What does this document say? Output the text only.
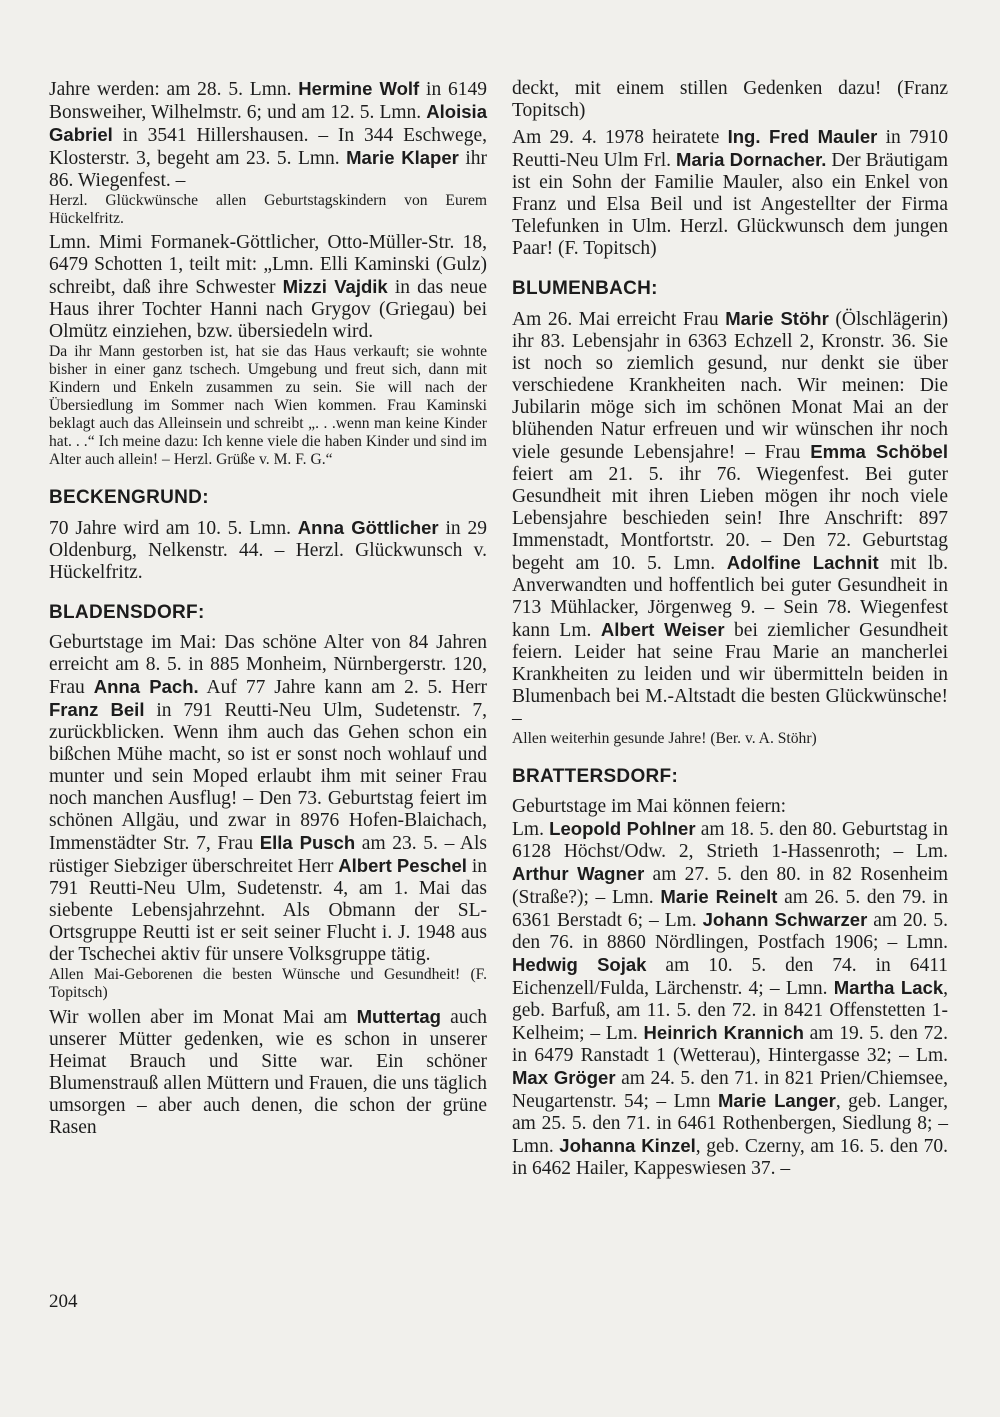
Jahre werden: am 28. 5. Lmn. Hermine Wolf in 6149 Bonsweiher, Wilhelmstr. 6; und am 12. 5. Lmn. Aloisia Gabriel in 3541 Hillershausen. – In 344 Eschwege, Klosterstr. 3, begeht am 23. 5. Lmn. Marie Klaper ihr 86. Wiegenfest. –

Herzl. Glückwünsche allen Geburtstagskindern von Eurem Hückelfritz.

Lmn. Mimi Formanek-Göttlicher, Otto-Müller-Str. 18, 6479 Schotten 1, teilt mit: „Lmn. Elli Kaminski (Gulz) schreibt, daß ihre Schwester Mizzi Vajdik in das neue Haus ihrer Tochter Hanni nach Grygov (Griegau) bei Olmütz einziehen, bzw. übersiedeln wird.

Da ihr Mann gestorben ist, hat sie das Haus verkauft; sie wohnte bisher in einer ganz tschech. Umgebung und freut sich, dann mit Kindern und Enkeln zusammen zu sein. Sie will nach der Übersiedlung im Sommer nach Wien kommen. Frau Kaminski beklagt auch das Alleinsein und schreibt „. . .wenn man keine Kinder hat. . .“ Ich meine dazu: Ich kenne viele die haben Kinder und sind im Alter auch allein! – Herzl. Grüße v. M. F. G.“

BECKENGRUND:

70 Jahre wird am 10. 5. Lmn. Anna Göttlicher in 29 Oldenburg, Nelkenstr. 44. – Herzl. Glückwunsch v. Hückelfritz.

BLADENSDORF:

Geburtstage im Mai: Das schöne Alter von 84 Jahren erreicht am 8. 5. in 885 Monheim, Nürnbergerstr. 120, Frau Anna Pach. Auf 77 Jahre kann am 2. 5. Herr Franz Beil in 791 Reutti-Neu Ulm, Sudetenstr. 7, zurückblicken. Wenn ihm auch das Gehen schon ein bißchen Mühe macht, so ist er sonst noch wohlauf und munter und sein Moped erlaubt ihm mit seiner Frau noch manchen Ausflug! – Den 73. Geburtstag feiert im schönen Allgäu, und zwar in 8976 Hofen-Blaichach, Immenstädter Str. 7, Frau Ella Pusch am 23. 5. – Als rüstiger Siebziger überschreitet Herr Albert Peschel in 791 Reutti-Neu Ulm, Sudetenstr. 4, am 1. Mai das siebente Lebensjahrzehnt. Als Obmann der SL-Ortsgruppe Reutti ist er seit seiner Flucht i. J. 1948 aus der Tschechei aktiv für unsere Volksgruppe tätig.

Allen Mai-Geborenen die besten Wünsche und Gesundheit! (F. Topitsch)

Wir wollen aber im Monat Mai am Muttertag auch unserer Mütter gedenken, wie es schon in unserer Heimat Brauch und Sitte war. Ein schöner Blumenstrauß allen Müttern und Frauen, die uns täglich umsorgen – aber auch denen, die schon der grüne Rasen

deckt, mit einem stillen Gedenken dazu! (Franz Topitsch)

Am 29. 4. 1978 heiratete Ing. Fred Mauler in 7910 Reutti-Neu Ulm Frl. Maria Dornacher. Der Bräutigam ist ein Sohn der Familie Mauler, also ein Enkel von Franz und Elsa Beil und ist Angestellter der Firma Telefunken in Ulm. Herzl. Glückwunsch dem jungen Paar! (F. Topitsch)

BLUMENBACH:

Am 26. Mai erreicht Frau Marie Stöhr (Ölschlägerin) ihr 83. Lebensjahr in 6363 Echzell 2, Kronstr. 36. Sie ist noch so ziemlich gesund, nur denkt sie über verschiedene Krankheiten nach. Wir meinen: Die Jubilarin möge sich im schönen Monat Mai an der blühenden Natur erfreuen und wir wünschen ihr noch viele gesunde Lebensjahre! – Frau Emma Schöbel feiert am 21. 5. ihr 76. Wiegenfest. Bei guter Gesundheit mit ihren Lieben mögen ihr noch viele Lebensjahre beschieden sein! Ihre Anschrift: 897 Immenstadt, Montfortstr. 20. – Den 72. Geburtstag begeht am 10. 5. Lmn. Adolfine Lachnit mit lb. Anverwandten und hoffentlich bei guter Gesundheit in 713 Mühlacker, Jörgenweg 9. – Sein 78. Wiegenfest kann Lm. Albert Weiser bei ziemlicher Gesundheit feiern. Leider hat seine Frau Marie an mancherlei Krankheiten zu leiden und wir übermitteln beiden in Blumenbach bei M.-Altstadt die besten Glückwünsche! –

Allen weiterhin gesunde Jahre! (Ber. v. A. Stöhr)

BRATTERSDORF:

Geburtstage im Mai können feiern:

Lm. Leopold Pohlner am 18. 5. den 80. Geburtstag in 6128 Höchst/Odw. 2, Strieth 1-Hassenroth; – Lm. Arthur Wagner am 27. 5. den 80. in 82 Rosenheim (Straße?); – Lmn. Marie Reinelt am 26. 5. den 79. in 6361 Berstadt 6; – Lm. Johann Schwarzer am 20. 5. den 76. in 8860 Nördlingen, Postfach 1906; – Lmn. Hedwig Sojak am 10. 5. den 74. in 6411 Eichenzell/Fulda, Lärchenstr. 4; – Lmn. Martha Lack, geb. Barfuß, am 11. 5. den 72. in 8421 Offenstetten 1-Kelheim; – Lm. Heinrich Krannich am 19. 5. den 72. in 6479 Ranstadt 1 (Wetterau), Hintergasse 32; – Lm. Max Gröger am 24. 5. den 71. in 821 Prien/Chiemsee, Neugartenstr. 54; – Lmn Marie Langer, geb. Langer, am 25. 5. den 71. in 6461 Rothenbergen, Siedlung 8; – Lmn. Johanna Kinzel, geb. Czerny, am 16. 5. den 70. in 6462 Hailer, Kappeswiesen 37. –

204
